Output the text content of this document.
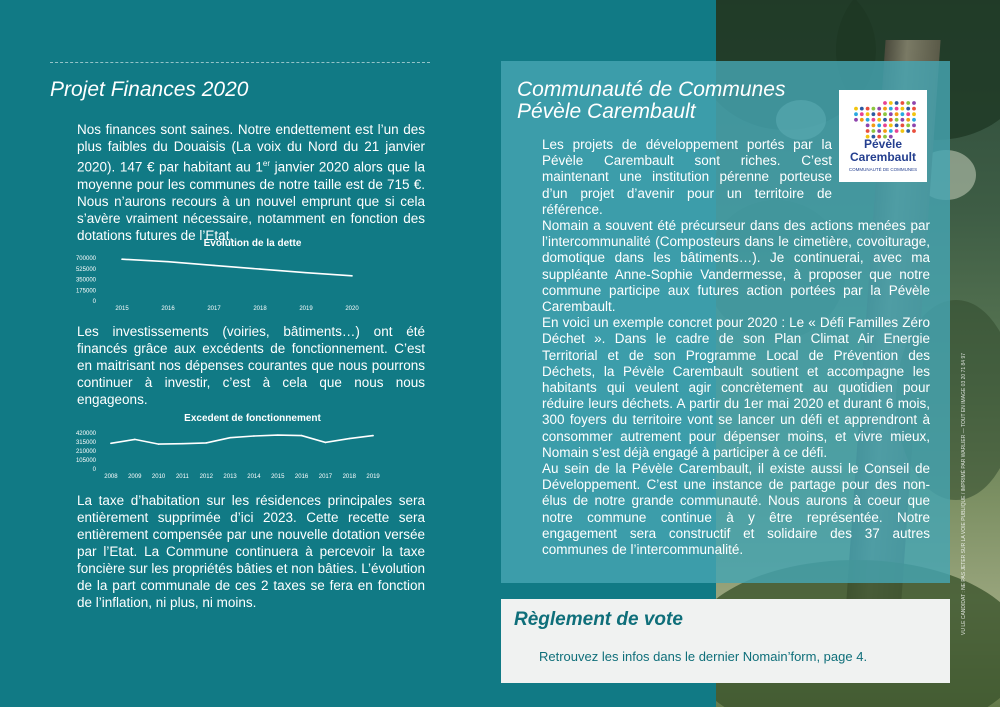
Projet Finances 2020

Nos finances sont saines. Notre endettement est l’un des plus faibles du Douaisis (La voix du Nord du 21 janvier 2020). 147 € par habitant au 1er janvier 2020 alors que la moyenne pour les communes de notre taille est de 715 €. Nous n’aurons recours à un nouvel emprunt que si cela s’avère vraiment nécessaire, notamment en fonction des dotations futures de l’Etat.

Evolution de la dette
700000
525000
350000
175000
0
2015	2016	2017	2018	2019	2020

Les investissements (voiries, bâtiments…) ont été financés grâce aux excédents de fonctionnement. C’est en maitrisant nos dépenses courantes que nous pourrons continuer à investir, c’est à cela que nous nous engageons.

Excedent de fonctionnement
420000
315000
210000
105000
0
2008 2009 2010 2011 2012 2013 2014 2015 2016 2017 2018 2019

La taxe d’habitation sur les résidences principales sera entièrement supprimée d’ici 2023. Cette recette sera entièrement compensée par une nouvelle dotation versée par l’Etat. La Commune continuera à percevoir la taxe foncière sur les propriétés bâties et non bâties. L’évolution de la part communale de ces 2 taxes se fera en fonction de l’inflation, ni plus, ni moins.

Communauté de Communes
Pévèle Carembault
Pévèle
Carembault
COMMUNAUTÉ DE COMMUNES

Les projets de développement portés par la Pévèle Carembault sont riches. C’est maintenant une institution pérenne porteuse d’un projet d’avenir pour un territoire de référence.

Nomain a souvent été précurseur dans des actions menées par l’intercommunalité (Composteurs dans le cimetière, covoiturage, domotique dans les bâtiments…). Je continuerai, avec ma suppléante Anne-Sophie Vandermesse, à proposer que notre commune participe aux futures action portées par la Pévèle Carembault.

En voici un exemple concret pour 2020 : Le « Défi Familles Zéro Déchet ». Dans le cadre de son Plan Climat Air Energie Territorial et de son Programme Local de Prévention des Déchets, la Pévèle Carembault soutient et accompagne les habitants qui veulent agir concrètement au quotidien pour réduire leurs déchets. A partir du 1er mai 2020 et durant 6 mois, 300 foyers du territoire vont se lancer un défi et apprendront à consommer autrement pour dépenser moins, et vivre mieux, Nomain s’est déjà engagé à participer à ce défi.

Au sein de la Pévèle Carembault, il existe aussi le Conseil de Développement. C’est une instance de partage pour des non-élus de notre grande communauté. Nous aurons à coeur que notre commune continue à y être représentée. Notre engagement sera constructif et solidaire des 37 autres communes de l’intercommunalité.

Règlement de vote
Retrouvez les infos dans le dernier Nomain’form, page 4.
VU LE CANDIDAT : NE PAS JETER SUR LA VOIE PUBLIQUE / IMPRIMÉ PAR WARLIER — TOUT EN IMAGE 03 20 71 84 97
